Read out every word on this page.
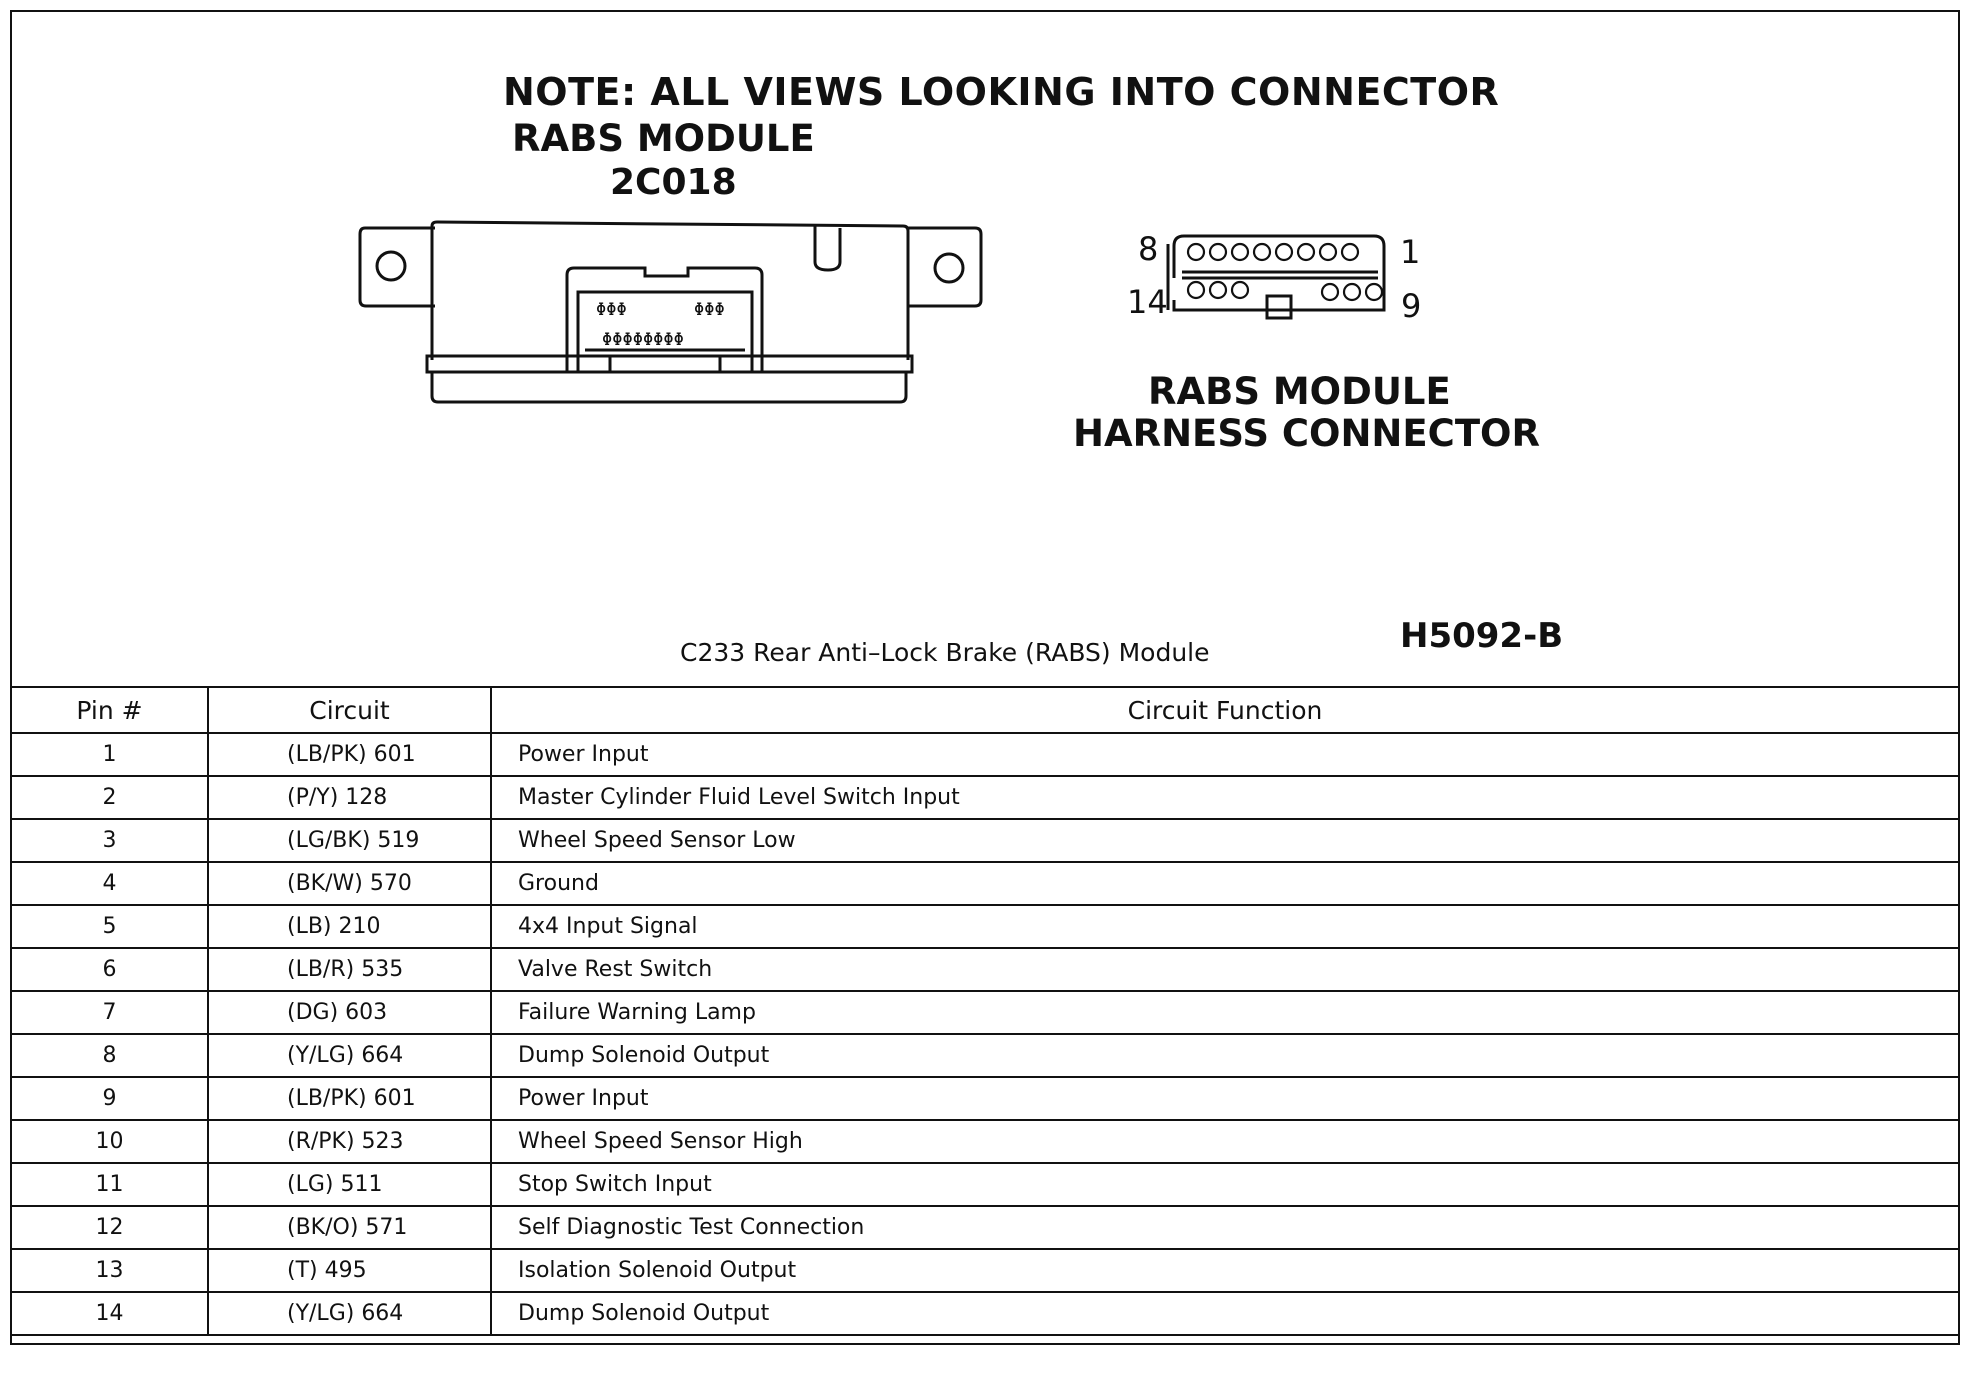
NOTE: ALL VIEWS LOOKING INTO CONNECTOR
RABS MODULE
2C018
ΦΦΦ	ΦΦΦ
ΦΦΦΦΦΦΦΦ
8	1
14	9
RABS MODULE
HARNESS CONNECTOR
C233 Rear Anti–Lock Brake (RABS) Module	H5092-B
Pin #	Circuit	Circuit Function
1	(LB/PK) 601	Power Input
2	(P/Y) 128	Master Cylinder Fluid Level Switch Input
3	(LG/BK) 519	Wheel Speed Sensor Low
4	(BK/W) 570	Ground
5	(LB) 210	4x4 Input Signal
6	(LB/R) 535	Valve Rest Switch
7	(DG) 603	Failure Warning Lamp
8	(Y/LG) 664	Dump Solenoid Output
9	(LB/PK) 601	Power Input
10	(R/PK) 523	Wheel Speed Sensor High
11	(LG) 511	Stop Switch Input
12	(BK/O) 571	Self Diagnostic Test Connection
13	(T) 495	Isolation Solenoid Output
14	(Y/LG) 664	Dump Solenoid Output
